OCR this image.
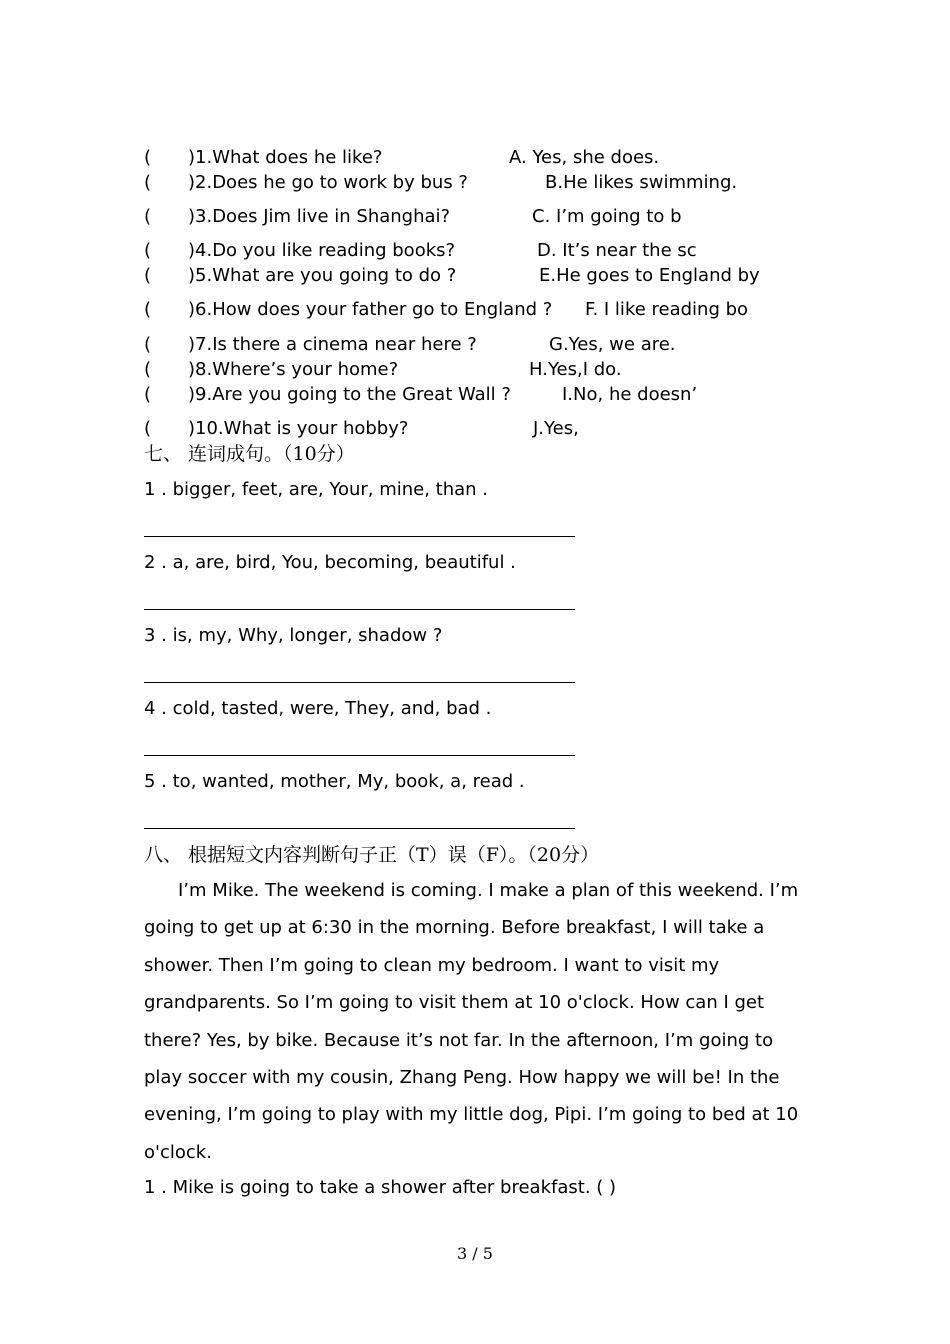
( )1.What does he like?	A. Yes, she does.
( )2.Does he go to work by bus ?	B.He likes swimming.
( )3.Does Jim live in Shanghai?	C. I’m going to b
( )4.Do you like reading books?	D. It’s near the sc
( )5.What are you going to do ?	E.He goes to England by
( )6.How does your father go to England ? F. I like reading bo
( )7.Is there a cinema near here ?	G.Yes, we are.
( )8.Where’s your home?	H.Yes,I do.
( )9.Are you going to the Great Wall ?	I.No, he doesn’
( )10.What is your hobby?	J.Yes,
七、 连词成句。（10分）
1 . bigger, feet, are, Your, mine, than .
2 . a, are, bird, You, becoming, beautiful .
3 . is, my, Why, longer, shadow ?
4 . cold, tasted, were, They, and, bad .
5 . to, wanted, mother, My, book, a, read .
八、 根据短文内容判断句子正（T）误（F）。（20分）
I’m Mike. The weekend is coming. I make a plan of this weekend. I’m going to get up at 6:30 in the morning. Before breakfast, I will take a shower. Then I’m going to clean my bedroom. I want to visit my grandparents. So I’m going to visit them at 10 o'clock. How can I get there? Yes, by bike. Because it’s not far. In the afternoon, I’m going to play soccer with my cousin, Zhang Peng. How happy we will be! In the evening, I’m going to play with my little dog, Pipi. I’m going to bed at 10 o'clock.
1 . Mike is going to take a shower after breakfast. ( )
3 / 5
